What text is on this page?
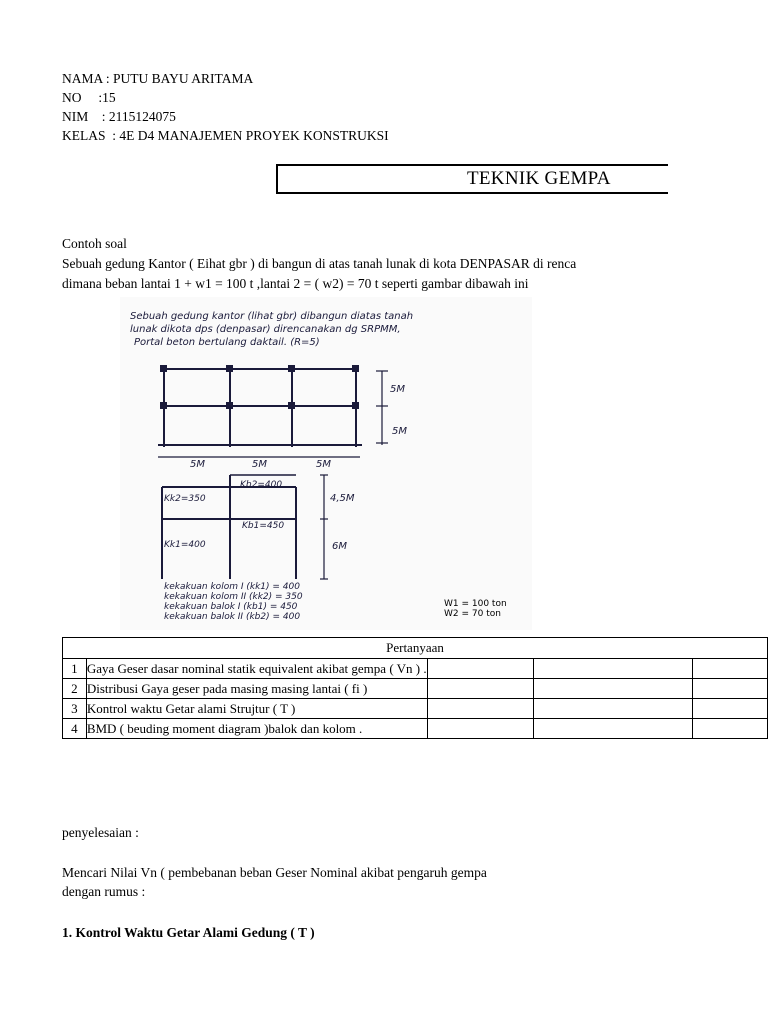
NAMA : PUTU BAYU ARITAMA
NO     :15
NIM    : 2115124075
KELAS  : 4E D4 MANAJEMEN PROYEK KONSTRUKSI
TEKNIK GEMPA
Contoh soal
Sebuah gedung Kantor ( Eihat gbr ) di bangun di atas tanah lunak di kota DENPASAR di renca
dimana beban lantai 1 + w1 = 100 t ,lantai 2 = ( w2) = 70 t seperti gambar dibawah ini
Sebuah gedung kantor (lihat gbr) dibangun diatas tanah
lunak dikota dps (denpasar) direncanakan dg SRPMM,
Portal beton bertulang daktail. (R=5)
5M
5M
5M	5M	5M
Kk2=350
Kb2=400
Kb1=450
Kk1=400
4,5M
6M
kekakuan kolom I (kk1) = 400
kekakuan kolom II (kk2) = 350
kekakuan balok I (kb1) = 450
kekakuan balok II (kb2) = 400
W1 = 100 ton
W2 = 70 ton
Pertanyaan				
1	Gaya Geser dasar nominal statik equivalent akibat gempa ( Vn ) .			

2	Distribusi Gaya geser pada masing masing lantai ( fi )			

3	Kontrol waktu Getar alami Strujtur ( T )			

4	BMD ( beuding moment diagram )balok dan kolom .			

penyelesaian :
Mencari Nilai Vn ( pembebanan beban Geser Nominal akibat pengaruh gempa
dengan rumus :
1. Kontrol Waktu Getar Alami Gedung ( T )
